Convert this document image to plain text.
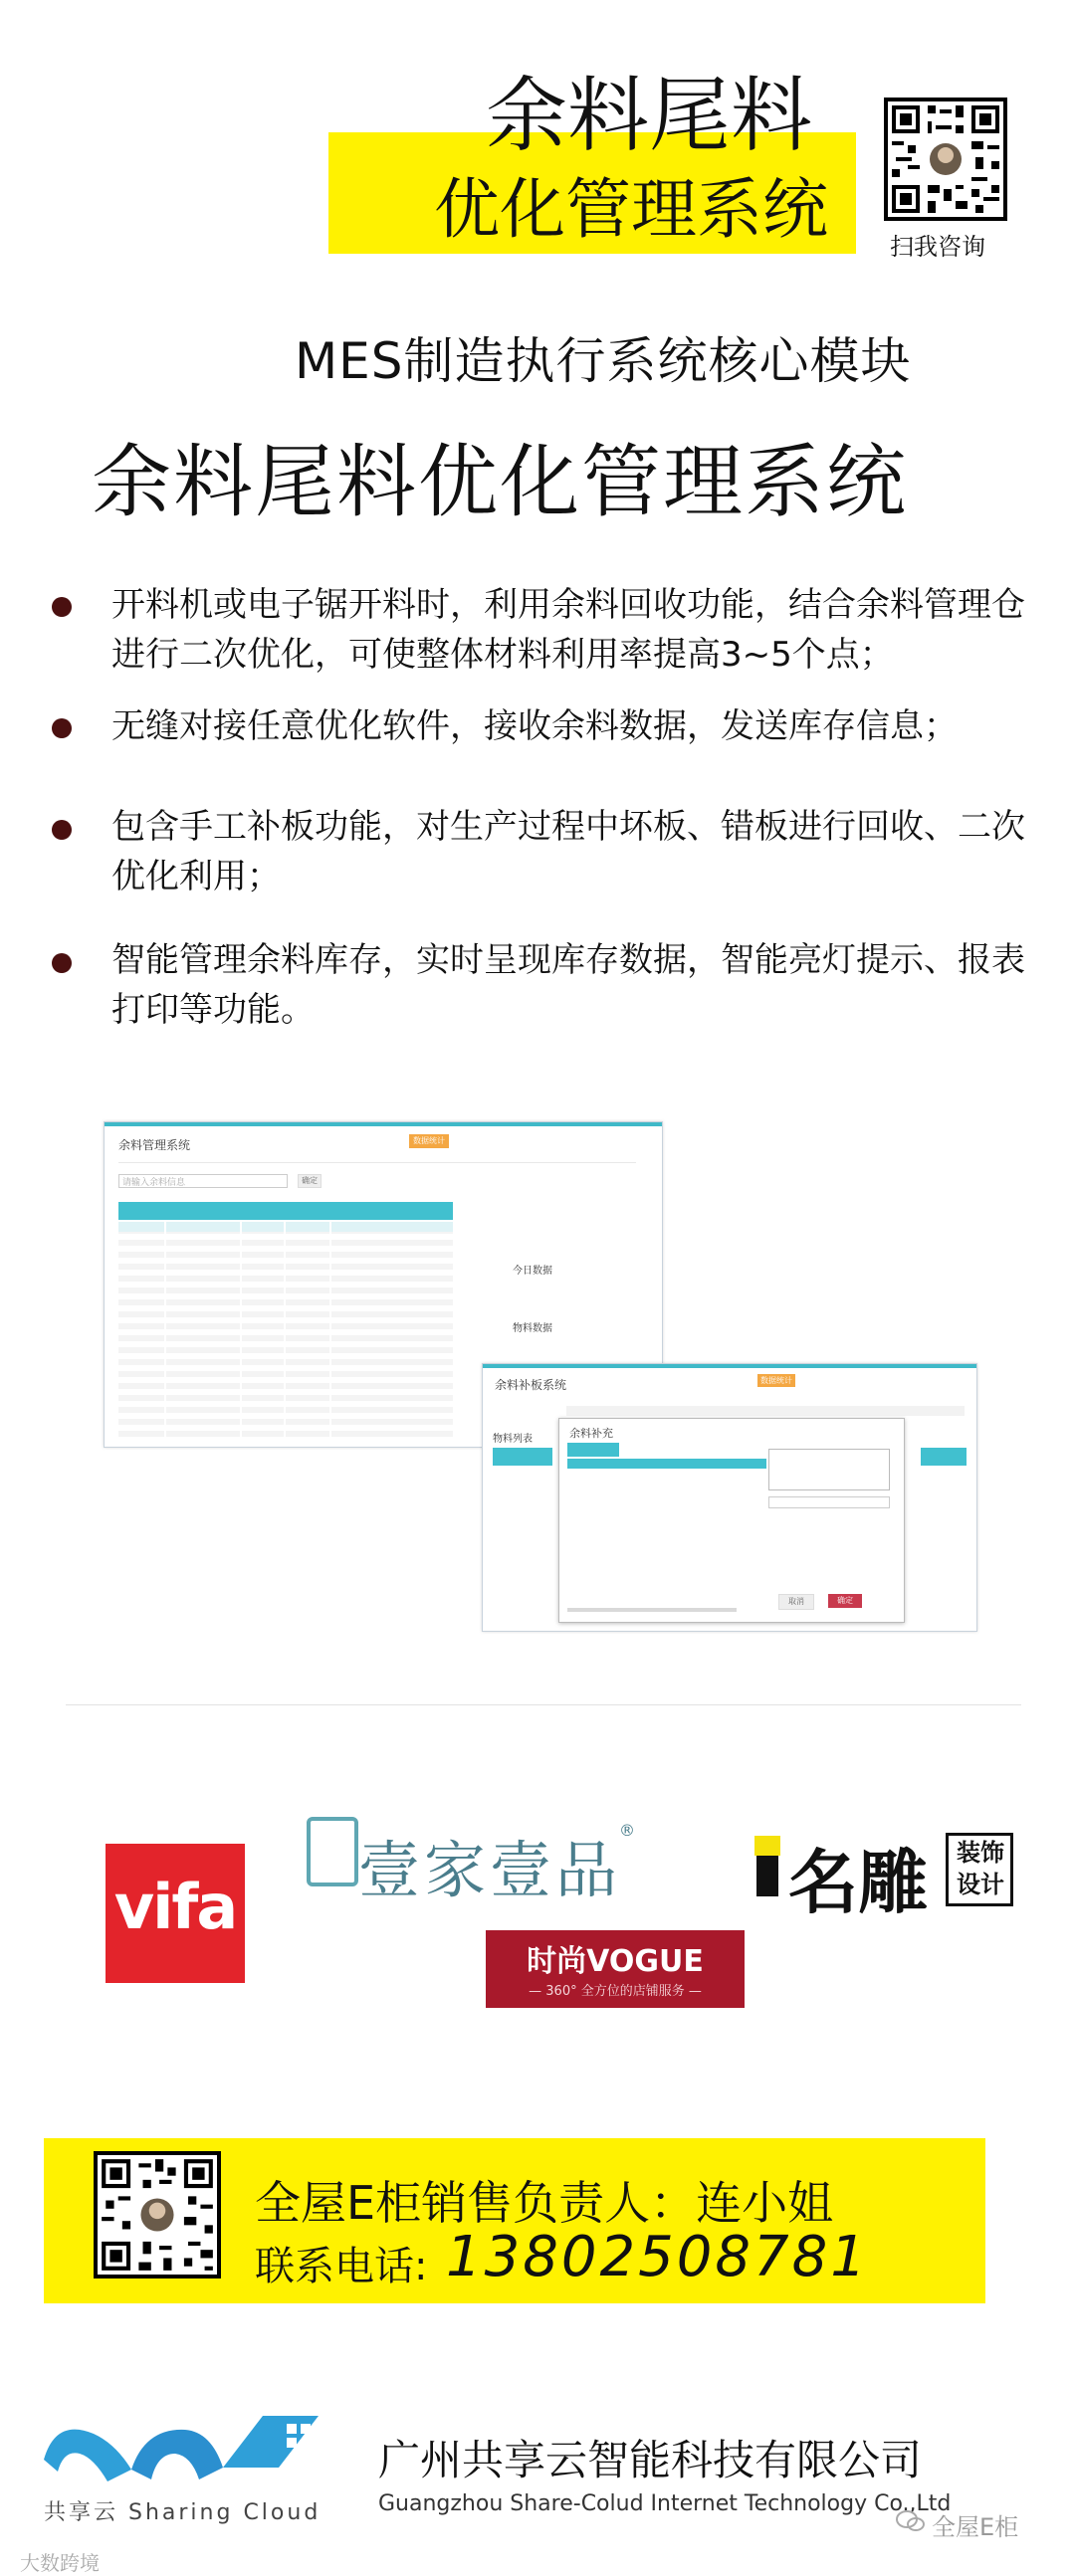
余料尾料
优化管理系统	扫我咨询
MES制造执行系统核心模块
余料尾料优化管理系统
开料机或电子锯开料时，利用余料回收功能，结合余料管理仓进行二次优化，可使整体材料利用率提高3~5个点；
无缝对接任意优化软件，接收余料数据，发送库存信息；
包含手工补板功能，对生产过程中坏板、错板进行回收、二次优化利用；
智能管理余料库存，实时呈现库存数据，智能亮灯提示、报表打印等功能。
余料管理系统	数据统计
请输入余料信息	确定
今日数据
物料数据
余料补板系统	数据统计
物料列表	余料补充
取消	确定
vifa
壹家壹品
®
时尚VOGUE
— 360° 全方位的店铺服务 —
名雕 装饰设计
全屋E柜销售负责人：连小姐
联系电话: 13802508781
共享云 Sharing Cloud
广州共享云智能科技有限公司
Guangzhou Share-Colud Internet Technology Co.,Ltd
全屋E柜
大数跨境
